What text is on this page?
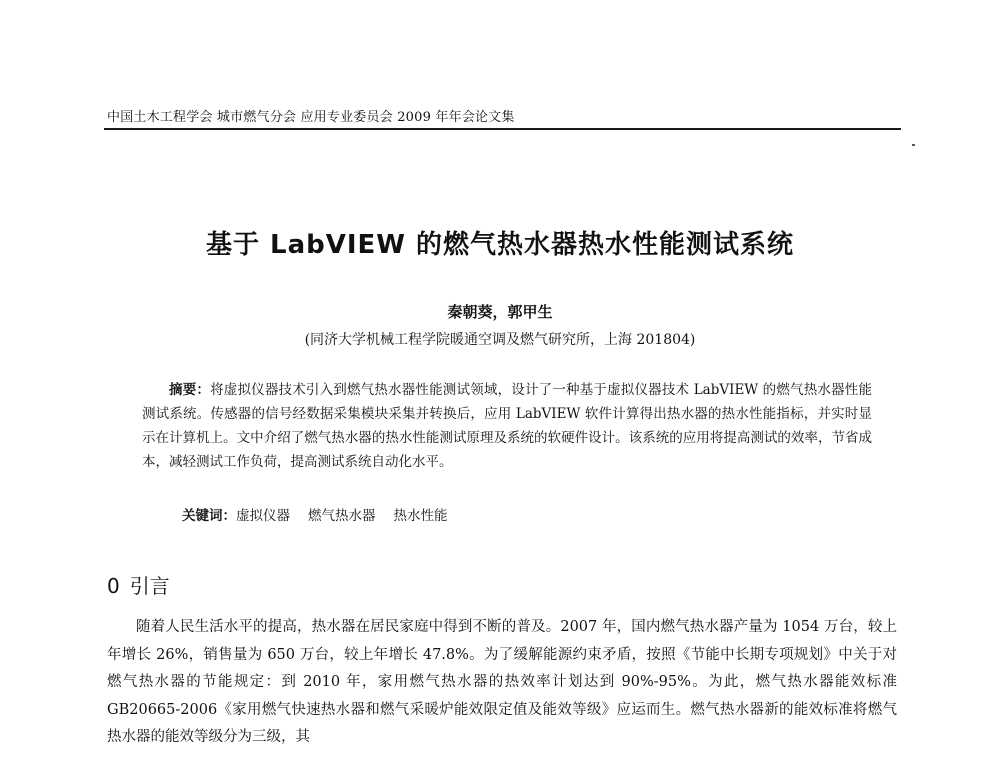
中国土木工程学会 城市燃气分会 应用专业委员会 2009 年年会论文集
基于 LabVIEW 的燃气热水器热水性能测试系统
秦朝葵，郭甲生
(同济大学机械工程学院暖通空调及燃气研究所，上海 201804)
摘要：将虚拟仪器技术引入到燃气热水器性能测试领域，设计了一种基于虚拟仪器技术 LabVIEW 的燃气热水器性能测试系统。传感器的信号经数据采集模块采集并转换后，应用 LabVIEW 软件计算得出热水器的热水性能指标，并实时显示在计算机上。文中介绍了燃气热水器的热水性能测试原理及系统的软硬件设计。该系统的应用将提高测试的效率，节省成本，减轻测试工作负荷，提高测试系统自动化水平。
关键词：虚拟仪器 燃气热水器 热水性能
0 引言
随着人民生活水平的提高，热水器在居民家庭中得到不断的普及。2007 年，国内燃气热水器产量为 1054 万台，较上年增长 26%，销售量为 650 万台，较上年增长 47.8%。为了缓解能源约束矛盾，按照《节能中长期专项规划》中关于对燃气热水器的节能规定：到 2010 年，家用燃气热水器的热效率计划达到 90%-95%。为此，燃气热水器能效标准 GB20665-2006《家用燃气快速热水器和燃气采暖炉能效限定值及能效等级》应运而生。燃气热水器新的能效标准将燃气热水器的能效等级分为三级，其
